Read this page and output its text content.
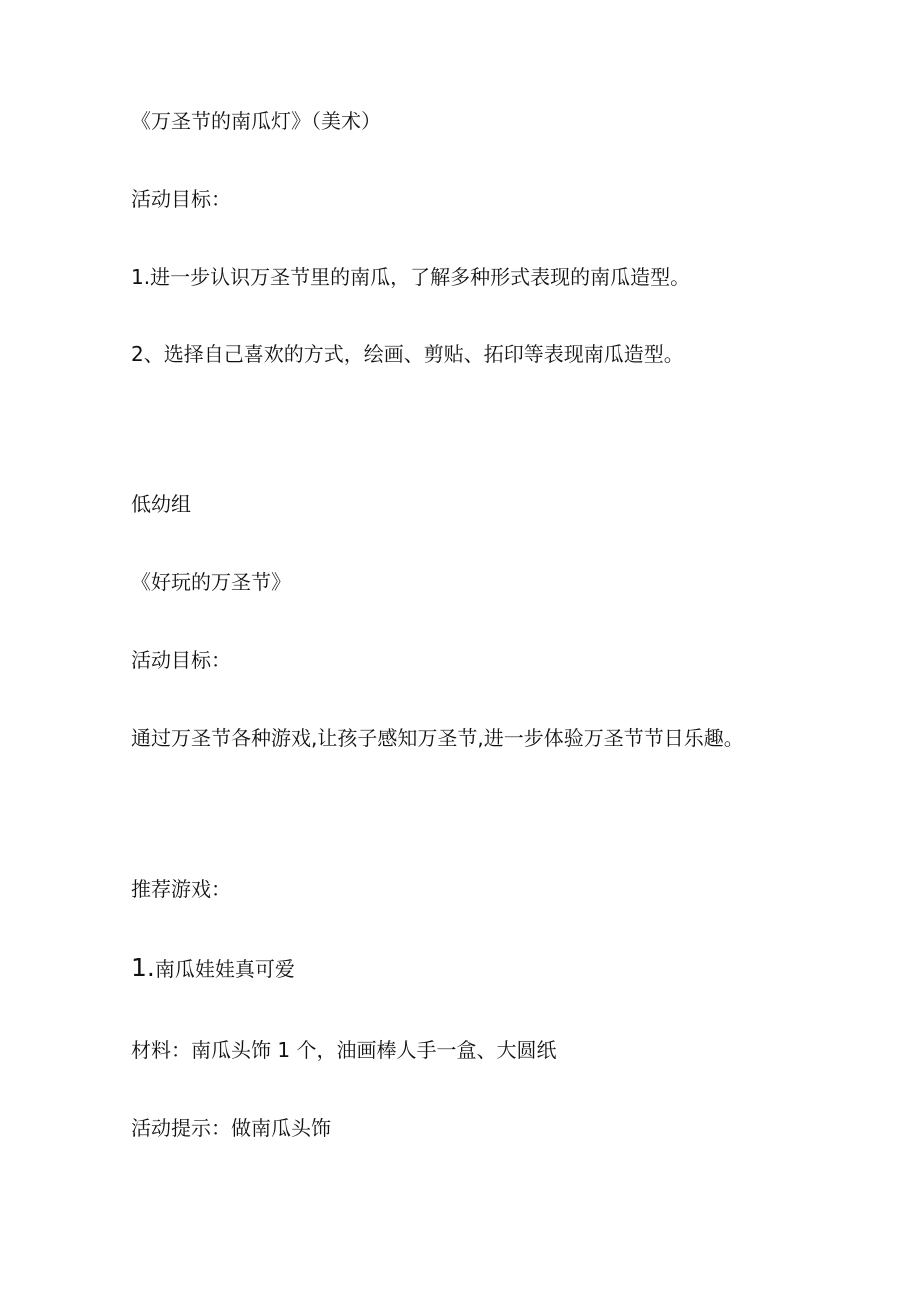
《万圣节的南瓜灯》（美术）
活动目标：
1.进一步认识万圣节里的南瓜，了解多种形式表现的南瓜造型。
2、选择自己喜欢的方式，绘画、剪贴、拓印等表现南瓜造型。
低幼组
《好玩的万圣节》
活动目标：
通过万圣节各种游戏,让孩子感知万圣节,进一步体验万圣节节日乐趣。
推荐游戏：
1.南瓜娃娃真可爱
材料：南瓜头饰 1 个，油画棒人手一盒、大圆纸
活动提示：做南瓜头饰
